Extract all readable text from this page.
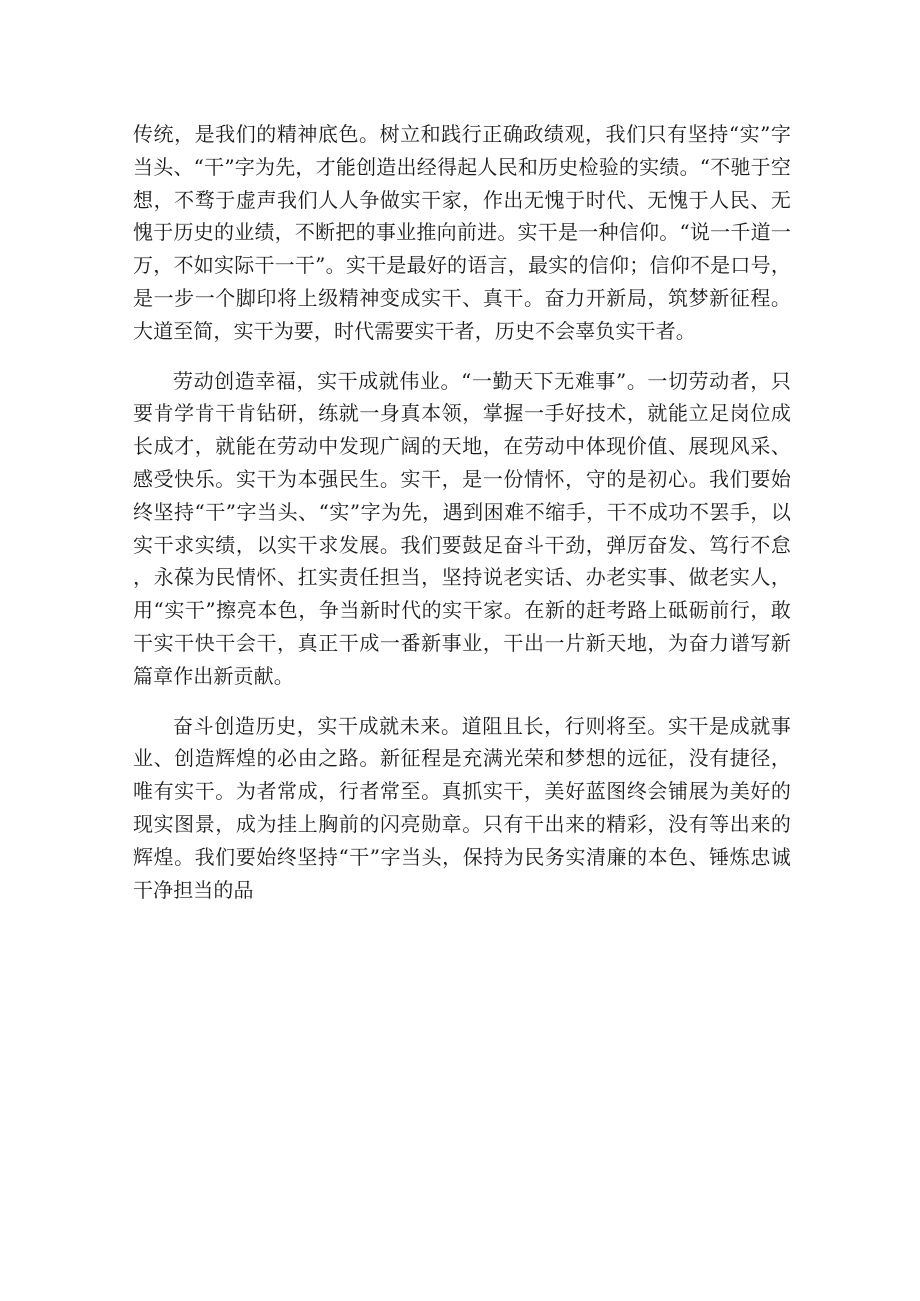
传统，是我们的精神底色。树立和践行正确政绩观，我们只有坚持“实”字当头、“干”字为先，才能创造出经得起人民和历史检验的实绩。“不驰于空想，不骛于虚声我们人人争做实干家，作出无愧于时代、无愧于人民、无愧于历史的业绩，不断把的事业推向前进。实干是一种信仰。“说一千道一万，不如实际干一干”。实干是最好的语言，最实的信仰；信仰不是口号，是一步一个脚印将上级精神变成实干、真干。奋力开新局，筑梦新征程。大道至简，实干为要，时代需要实干者，历史不会辜负实干者。

劳动创造幸福，实干成就伟业。“一勤天下无难事”。一切劳动者，只要肯学肯干肯钻研，练就一身真本领，掌握一手好技术，就能立足岗位成长成才，就能在劳动中发现广阔的天地，在劳动中体现价值、展现风采、感受快乐。实干为本强民生。实干，是一份情怀，守的是初心。我们要始终坚持“干”字当头、“实”字为先，遇到困难不缩手，干不成功不罢手，以实干求实绩，以实干求发展。我们要鼓足奋斗干劲，弹厉奋发、笃行不怠，永葆为民情怀、扛实责任担当，坚持说老实话、办老实事、做老实人，用“实干”擦亮本色，争当新时代的实干家。在新的赶考路上砥砺前行，敢干实干快干会干，真正干成一番新事业，干出一片新天地，为奋力谱写新篇章作出新贡献。

奋斗创造历史，实干成就未来。道阻且长，行则将至。实干是成就事业、创造辉煌的必由之路。新征程是充满光荣和梦想的远征，没有捷径，唯有实干。为者常成，行者常至。真抓实干，美好蓝图终会铺展为美好的现实图景，成为挂上胸前的闪亮勋章。只有干出来的精彩，没有等出来的辉煌。我们要始终坚持“干”字当头，保持为民务实清廉的本色、锤炼忠诚干净担当的品
